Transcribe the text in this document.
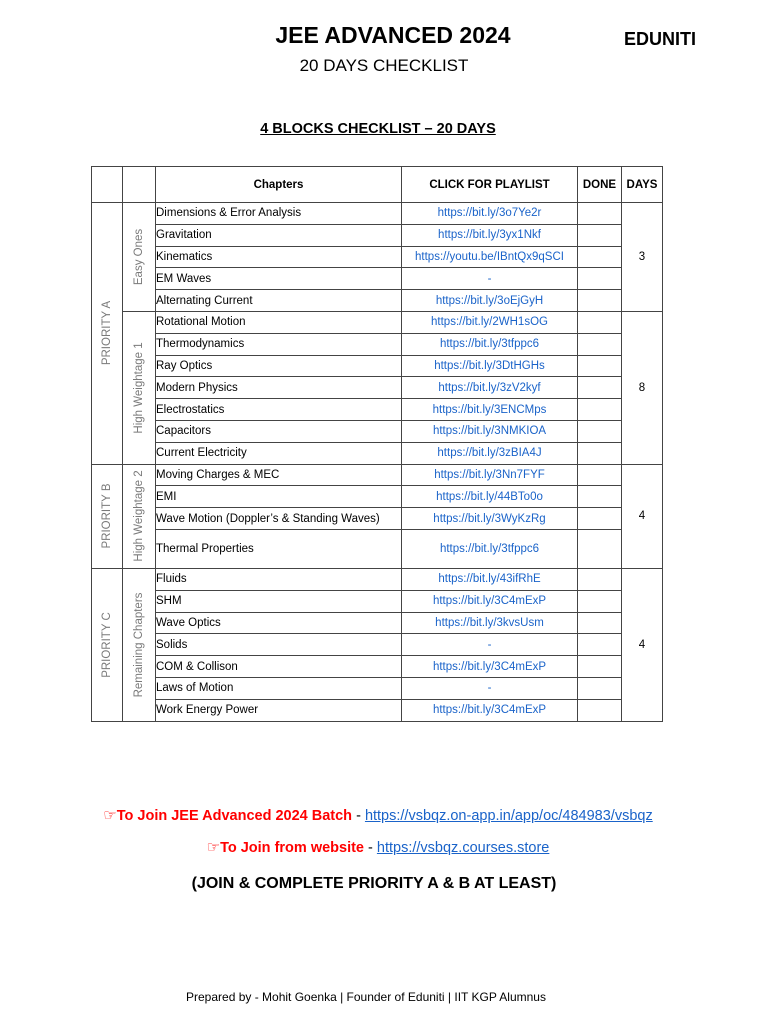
JEE ADVANCED 2024	EDUNITI
20 DAYS CHECKLIST
4 BLOCKS CHECKLIST – 20 DAYS
		Chapters	CLICK FOR PLAYLIST	DONE	DAYS

PRIORITY A	Easy Ones	Dimensions & Error Analysis	https://bit.ly/3o7Ye2r		3
		Gravitation	https://bit.ly/3yx1Nkf		
		Kinematics	https://youtu.be/IBntQx9qSCI		
		EM Waves	-		
		Alternating Current	https://bit.ly/3oEjGyH		

	High Weightage 1	Rotational Motion	https://bit.ly/2WH1sOG		8
		Thermodynamics	https://bit.ly/3tfppc6		
		Ray Optics	https://bit.ly/3DtHGHs		
		Modern Physics	https://bit.ly/3zV2kyf		
		Electrostatics	https://bit.ly/3ENCMps		
		Capacitors	https://bit.ly/3NMKIOA		
		Current Electricity	https://bit.ly/3zBIA4J		

PRIORITY B	High Weightage 2	Moving Charges & MEC	https://bit.ly/3Nn7FYF		4
		EMI	https://bit.ly/44BTo0o		
		Wave Motion (Doppler’s & Standing Waves)	https://bit.ly/3WyKzRg		
		Thermal Properties	https://bit.ly/3tfppc6		

PRIORITY C	Remaining Chapters	Fluids	https://bit.ly/43ifRhE		4
		SHM	https://bit.ly/3C4mExP		
		Wave Optics	https://bit.ly/3kvsUsm		
		Solids	-		
		COM & Collison	https://bit.ly/3C4mExP		
		Laws of Motion	-		
		Work Energy Power	https://bit.ly/3C4mExP		
☞To Join JEE Advanced 2024 Batch - https://vsbqz.on-app.in/app/oc/484983/vsbqz
☞To Join from website - https://vsbqz.courses.store
(JOIN & COMPLETE PRIORITY A & B AT LEAST)
Prepared by - Mohit Goenka | Founder of Eduniti | IIT KGP Alumnus
